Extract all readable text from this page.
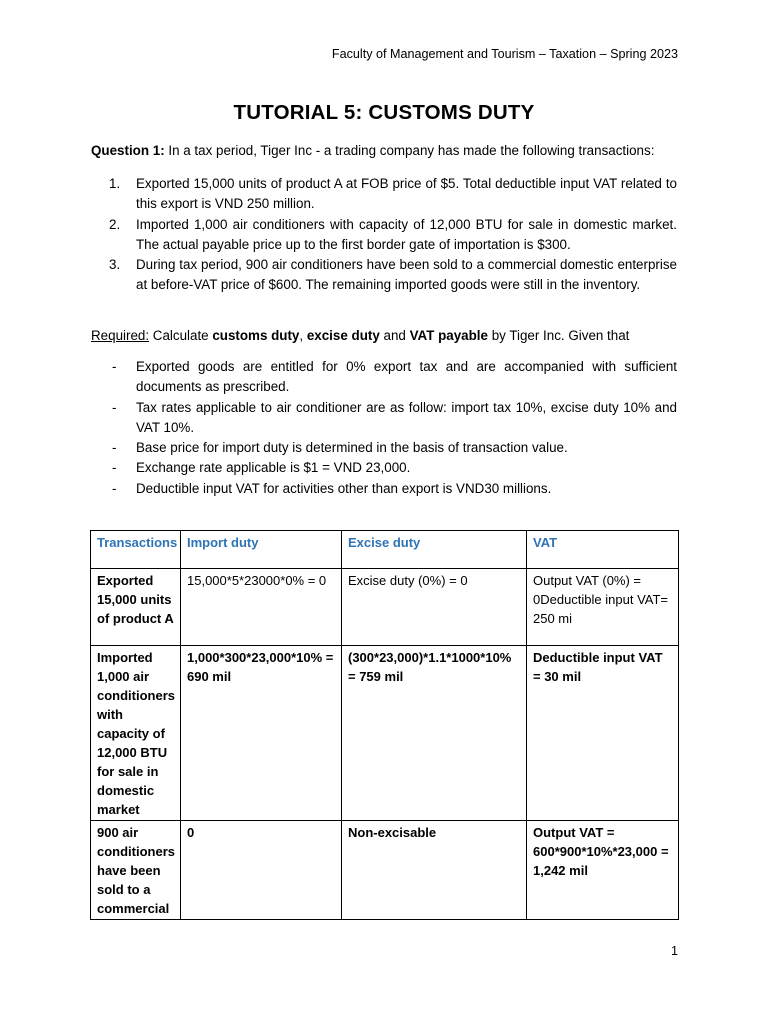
Faculty of Management and Tourism – Taxation – Spring 2023
TUTORIAL 5: CUSTOMS DUTY
Question 1: In a tax period, Tiger Inc - a trading company has made the following transactions:
1. Exported 15,000 units of product A at FOB price of $5. Total deductible input VAT related to this export is VND 250 million.
2. Imported 1,000 air conditioners with capacity of 12,000 BTU for sale in domestic market. The actual payable price up to the first border gate of importation is $300.
3. During tax period, 900 air conditioners have been sold to a commercial domestic enterprise at before-VAT price of $600. The remaining imported goods were still in the inventory.
Required: Calculate customs duty, excise duty and VAT payable by Tiger Inc. Given that
- Exported goods are entitled for 0% export tax and are accompanied with sufficient documents as prescribed.
- Tax rates applicable to air conditioner are as follow: import tax 10%, excise duty 10% and VAT 10%.
- Base price for import duty is determined in the basis of transaction value.
- Exchange rate applicable is $1 = VND 23,000.
- Deductible input VAT for activities other than export is VND30 millions.
Transactions	Import duty	Excise duty	VAT
Exported 15,000 units of product A	15,000*5*23000*0% = 0	Excise duty (0%) = 0	Output VAT (0%) = 0Deductible input VAT= 250 mi
Imported 1,000 air conditioners with capacity of 12,000 BTU for sale in domestic market	1,000*300*23,000*10% = 690 mil	(300*23,000)*1.1*1000*10% = 759 mil	Deductible input VAT = 30 mil
900 air conditioners have been sold to a commercial	0	Non-excisable	Output VAT = 600*900*10%*23,000 = 1,242 mil
1
